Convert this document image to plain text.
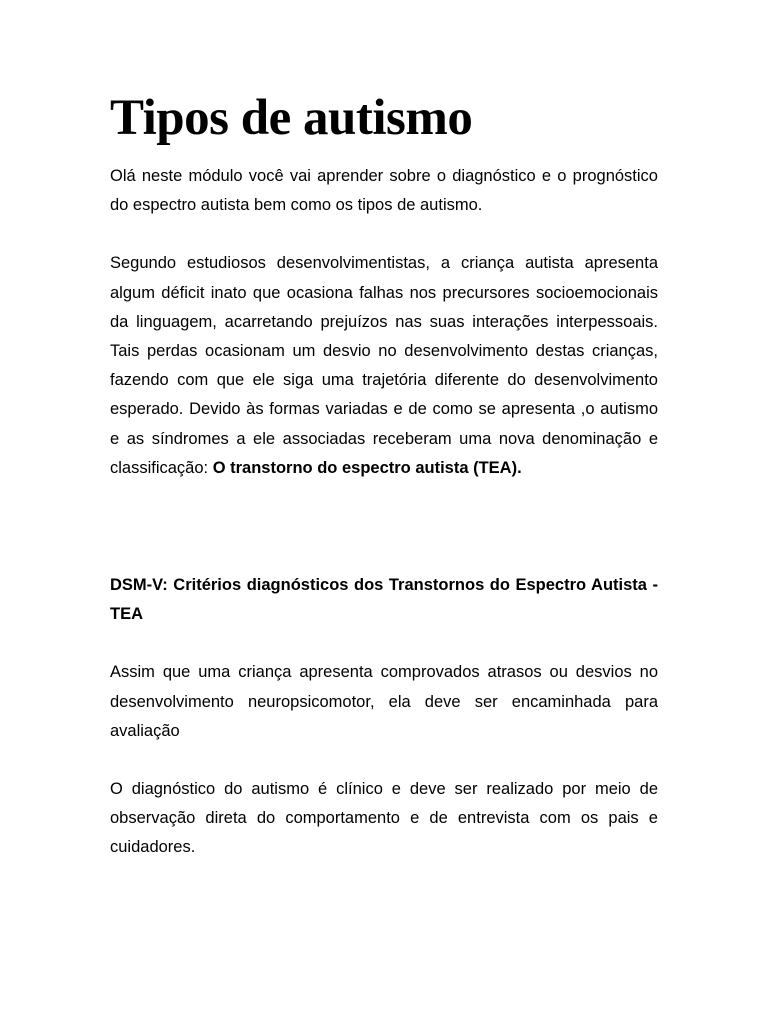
Tipos de autismo

Olá neste módulo você vai aprender sobre o diagnóstico e o prognóstico do espectro autista bem como os tipos de autismo.

Segundo estudiosos desenvolvimentistas, a criança autista apresenta algum déficit inato que ocasiona falhas nos precursores socioemocionais da linguagem, acarretando prejuízos nas suas interações interpessoais. Tais perdas ocasionam um desvio no desenvolvimento destas crianças, fazendo com que ele siga uma trajetória diferente do desenvolvimento esperado. Devido às formas variadas e de como se apresenta ,o autismo e as síndromes a ele associadas receberam uma nova denominação e classificação: O transtorno do espectro autista (TEA).

DSM-V: Critérios diagnósticos dos Transtornos do Espectro Autista - TEA

Assim que uma criança apresenta comprovados atrasos ou desvios no desenvolvimento neuropsicomotor, ela deve ser encaminhada para avaliação

O diagnóstico do autismo é clínico e deve ser realizado por meio de observação direta do comportamento e de entrevista com os pais e cuidadores.
